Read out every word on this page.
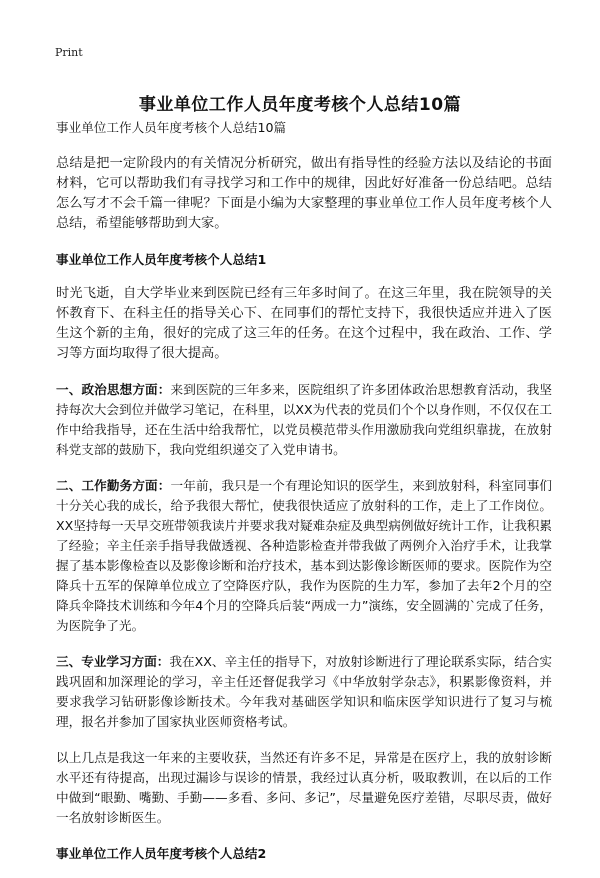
Print
事业单位工作人员年度考核个人总结10篇

事业单位工作人员年度考核个人总结10篇

总结是把一定阶段内的有关情况分析研究，做出有指导性的经验方法以及结论的书面材料，它可以帮助我们有寻找学习和工作中的规律，因此好好准备一份总结吧。总结怎么写才不会千篇一律呢？下面是小编为大家整理的事业单位工作人员年度考核个人总结，希望能够帮助到大家。

事业单位工作人员年度考核个人总结1

时光飞逝，自大学毕业来到医院已经有三年多时间了。在这三年里，我在院领导的关怀教育下、在科主任的指导关心下、在同事们的帮忙支持下，我很快适应并进入了医生这个新的主角，很好的完成了这三年的任务。在这个过程中，我在政治、工作、学习等方面均取得了很大提高。

一、政治思想方面：来到医院的三年多来，医院组织了许多团体政治思想教育活动，我坚持每次大会到位并做学习笔记，在科里，以XX为代表的党员们个个以身作则，不仅仅在工作中给我指导，还在生活中给我帮忙，以党员模范带头作用激励我向党组织靠拢，在放射科党支部的鼓励下，我向党组织递交了入党申请书。

二、工作勤务方面：一年前，我只是一个有理论知识的医学生，来到放射科，科室同事们十分关心我的成长，给予我很大帮忙，使我很快适应了放射科的工作，走上了工作岗位。XX坚持每一天早交班带领我读片并要求我对疑难杂症及典型病例做好统计工作，让我积累了经验；辛主任亲手指导我做透视、各种造影检查并带我做了两例介入治疗手术，让我掌握了基本影像检查以及影像诊断和治疗技术，基本到达影像诊断医师的要求。医院作为空降兵十五军的保障单位成立了空降医疗队，我作为医院的生力军，参加了去年2个月的空降兵伞降技术训练和今年4个月的空降兵后装“两成一力”演练，安全圆满的`完成了任务，为医院争了光。

三、专业学习方面：我在XX、辛主任的指导下，对放射诊断进行了理论联系实际，结合实践巩固和加深理论的学习，辛主任还督促我学习《中华放射学杂志》，积累影像资料，并要求我学习钻研影像诊断技术。今年我对基础医学知识和临床医学知识进行了复习与梳理，报名并参加了国家执业医师资格考试。

以上几点是我这一年来的主要收获，当然还有许多不足，异常是在医疗上，我的放射诊断水平还有待提高，出现过漏诊与误诊的情景，我经过认真分析，吸取教训，在以后的工作中做到“眼勤、嘴勤、手勤——多看、多问、多记”，尽量避免医疗差错，尽职尽责，做好一名放射诊断医生。

事业单位工作人员年度考核个人总结2
